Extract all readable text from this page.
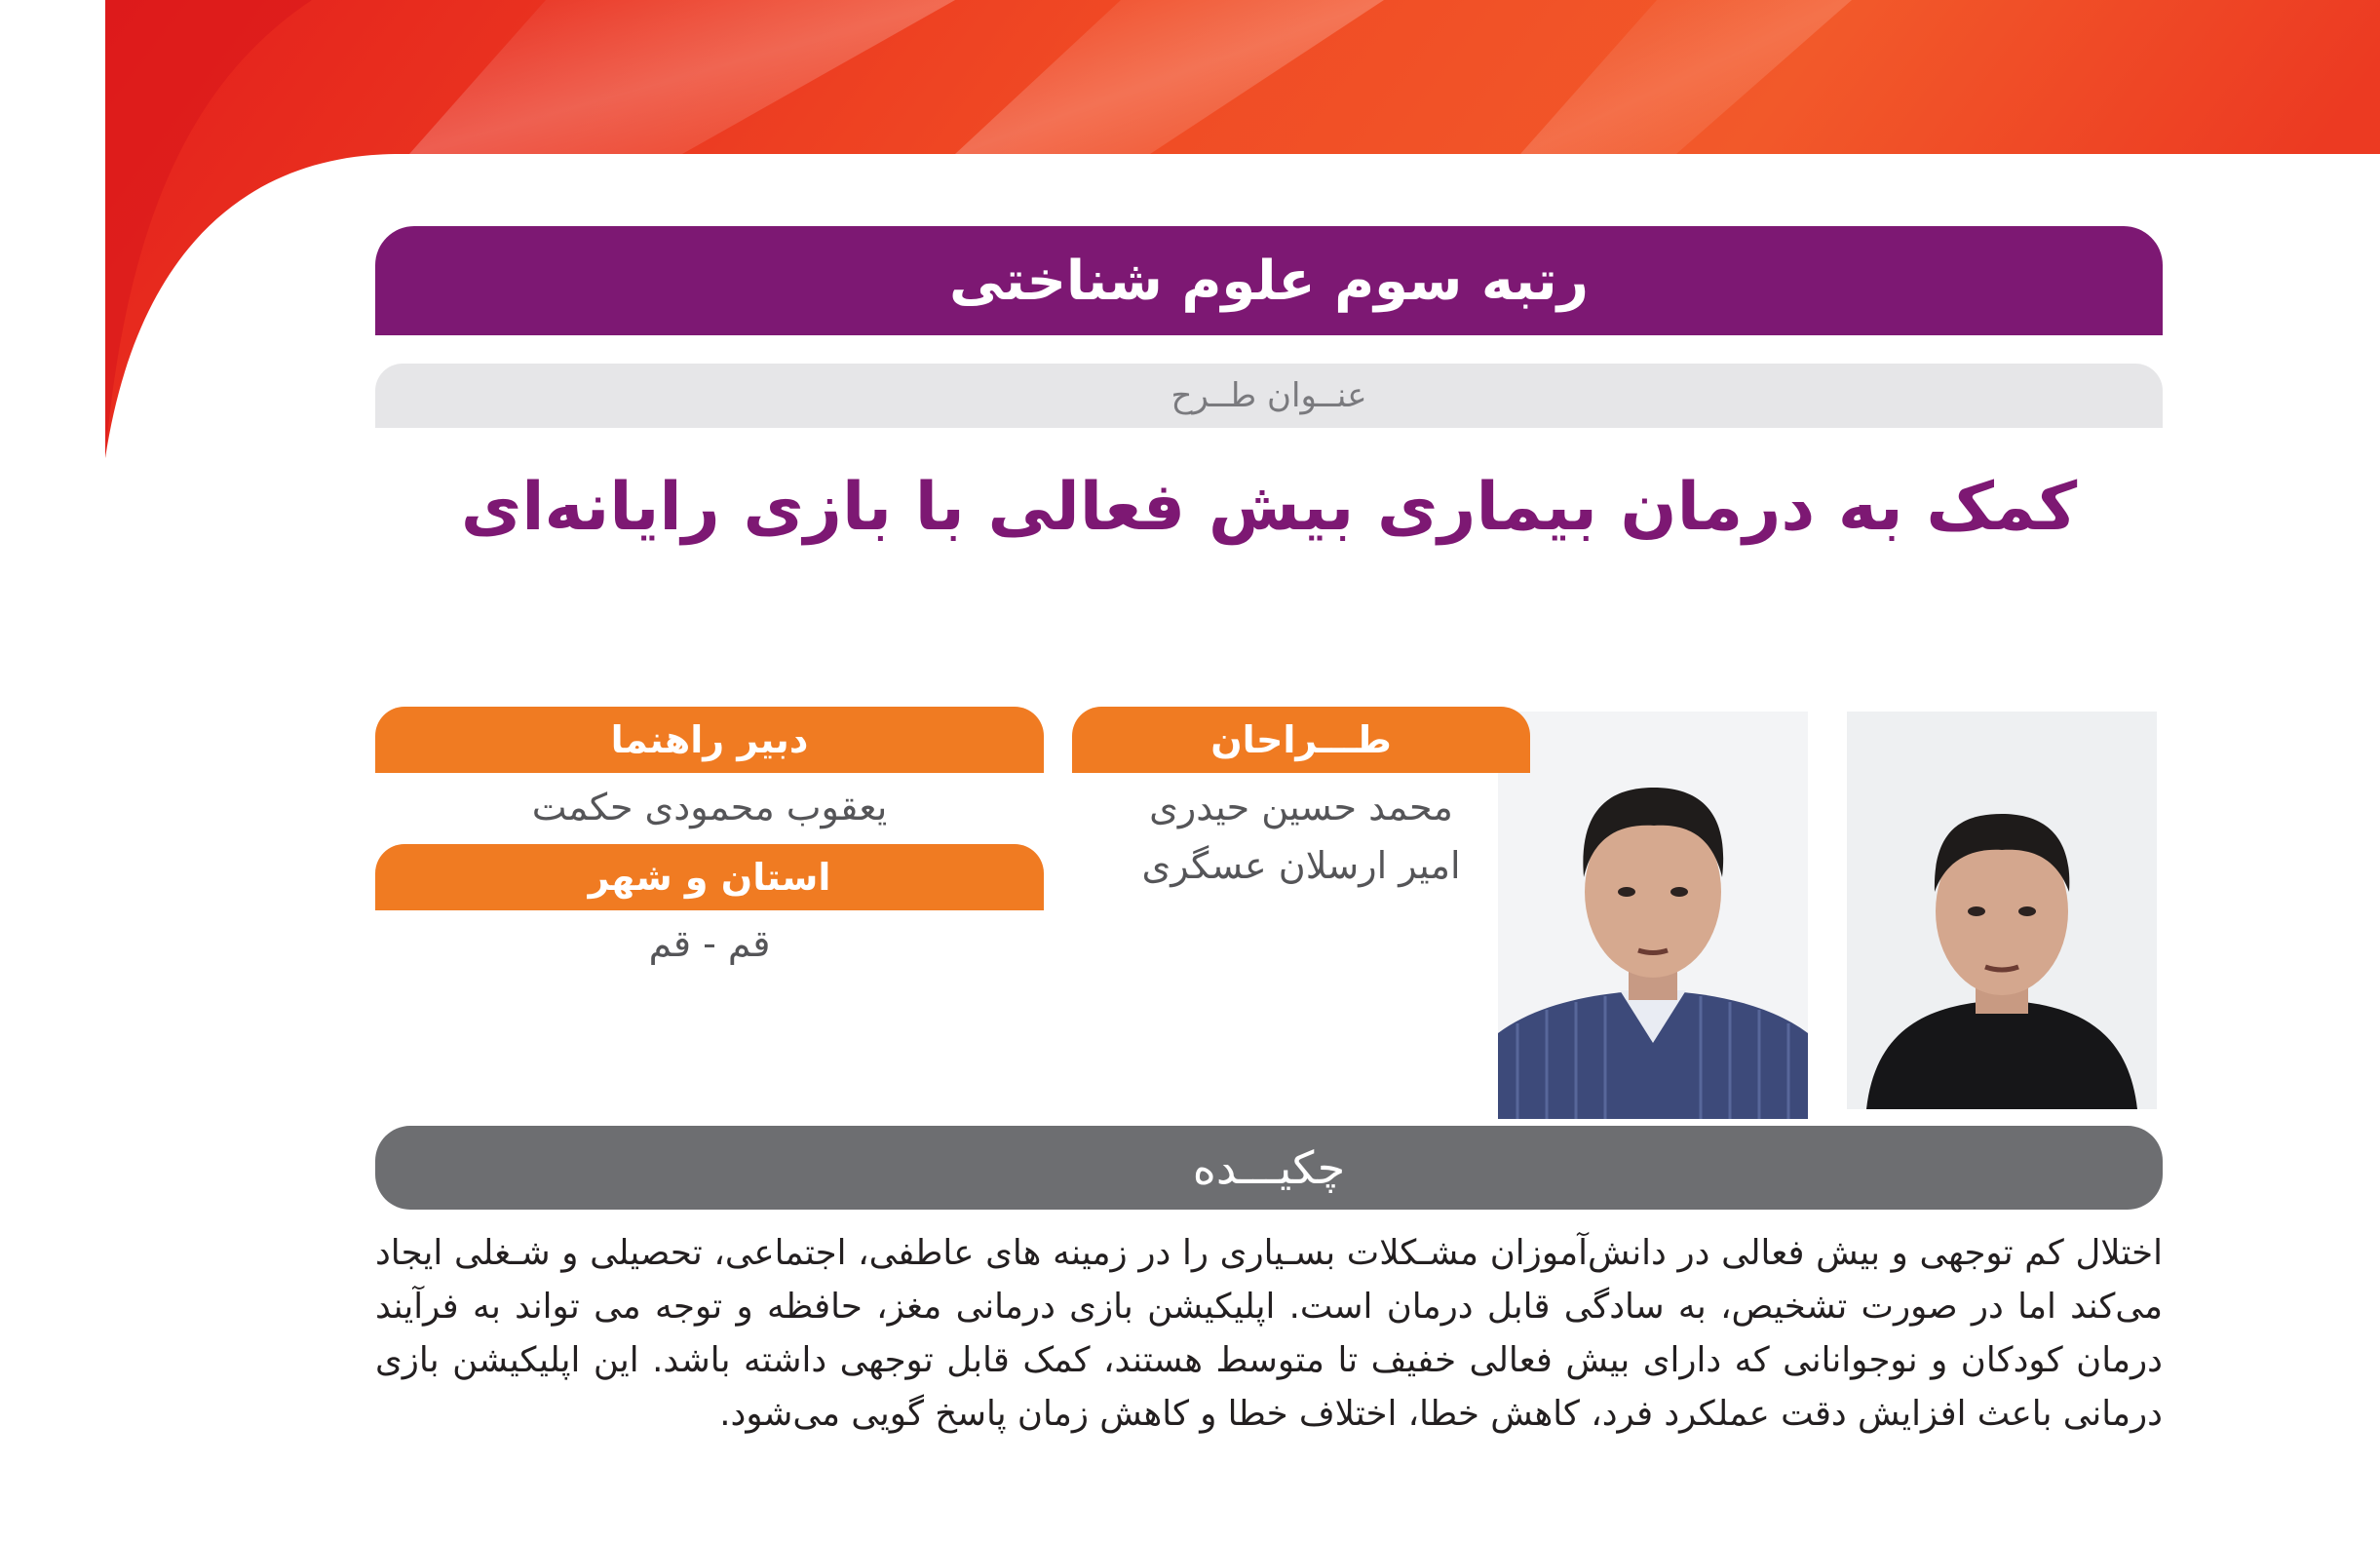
رتبه سوم علوم شناختی
عنــوان طــرح
کمک به درمان بیماری بیش فعالی با بازی رایانه‌ای
طـــراحان
محمد حسین حیدری
امیر ارسلان عسگری
دبیر راهنما
یعقوب محمودی حکمت
استان و شهر
قم - قم
چکیـــده
اختلال کم توجهی و بیش فعالی در دانش‌آموزان مشـکلات بسـیاری را در زمینه های عاطفی، اجتماعی، تحصیلی و شـغلی ایجاد می‌کند اما در صورت تشخیص، به سادگی قابل درمان است. اپلیکیشن بازی درمانی مغز، حافظه و توجه می تواند به فرآیند درمان کودکان و نوجوانانی که دارای بیش فعالی خفیف تا متوسط هستند، کمک قابل توجهی داشته باشد. این اپلیکیشن بازی درمانی باعث افزایش دقت عملکرد فرد، کاهش خطا، اختلاف خطا و کاهش زمان پاسخ گویی می‌شود.
